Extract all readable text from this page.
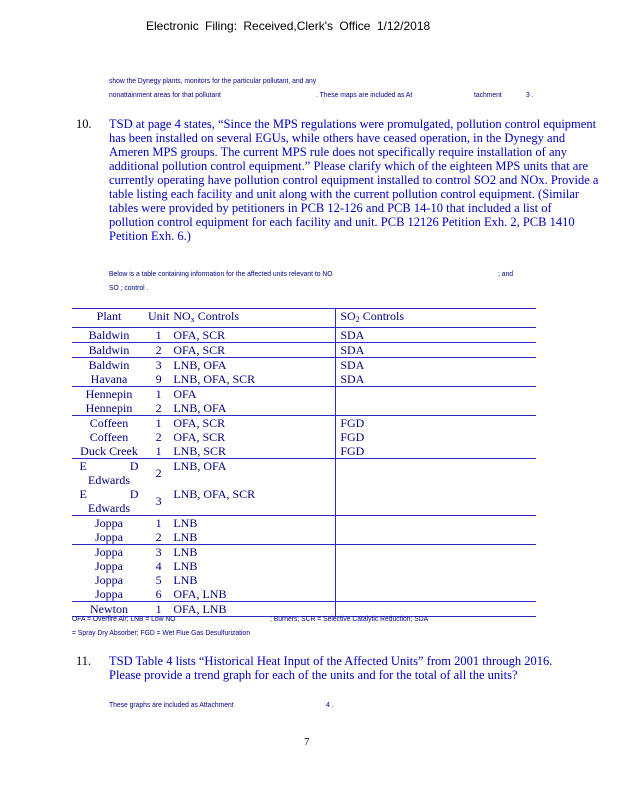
Electronic Filing: Received,Clerk's Office 1/12/2018
show the Dynegy plants, monitors for the particular pollutant, and any
nonattainment areas for that pollutant	. These maps are included as At	tachment	3 .
10. TSD at page 4 states, “Since the MPS regulations were promulgated, pollution control equipment has been installed on several EGUs, while others have ceased operation, in the Dynegy and Ameren MPS groups. The current MPS rule does not specifically require installation of any additional pollution control equipment.” Please clarify which of the eighteen MPS units that are currently operating have pollution control equipment installed to control SO2 and NOx. Provide a table listing each facility and unit along with the current pollution control equipment. (Similar tables were provided by petitioners in PCB 12-126 and PCB 14-10 that included a list of pollution control equipment for each facility and unit. PCB 12126 Petition Exh. 2, PCB 1410 Petition Exh. 6.)
Below is a table containing information for the affected units relevant to NO	; and
SO ; control .
Plant	Unit	$NO_x$ Controls	$SO_2$ Controls
Baldwin	1	OFA, SCR	SDA
Baldwin	2	OFA, SCR	SDA
Baldwin	3	LNB, OFA	SDA
Havana	9	LNB, OFA, SCR	SDA
Hennepin	1	OFA	
Hennepin	2	LNB, OFA	
Coffeen	1	OFA, SCR	FGD
Coffeen	2	OFA, SCR	FGD
Duck Creek	1	LNB, SCR	FGD
E D Edwards	2	LNB, OFA	
E D Edwards	3	LNB, OFA, SCR	
Joppa	1	LNB	
Joppa	2	LNB	
Joppa	3	LNB	
Joppa	4	LNB	
Joppa	5	LNB	
Joppa	6	OFA, LNB	
Newton	1	OFA, LNB	
OFA = Overfire Air; LNB = Low NO	; Burners; SCR = Selective Catalytic Reduction; SDA
= Spray Dry Absorber; FGD = Wet Flue Gas Desulfurization
11. TSD Table 4 lists “Historical Heat Input of the Affected Units” from 2001 through 2016. Please provide a trend graph for each of the units and for the total of all the units?
These graphs are included as Attachment	4 .
7
